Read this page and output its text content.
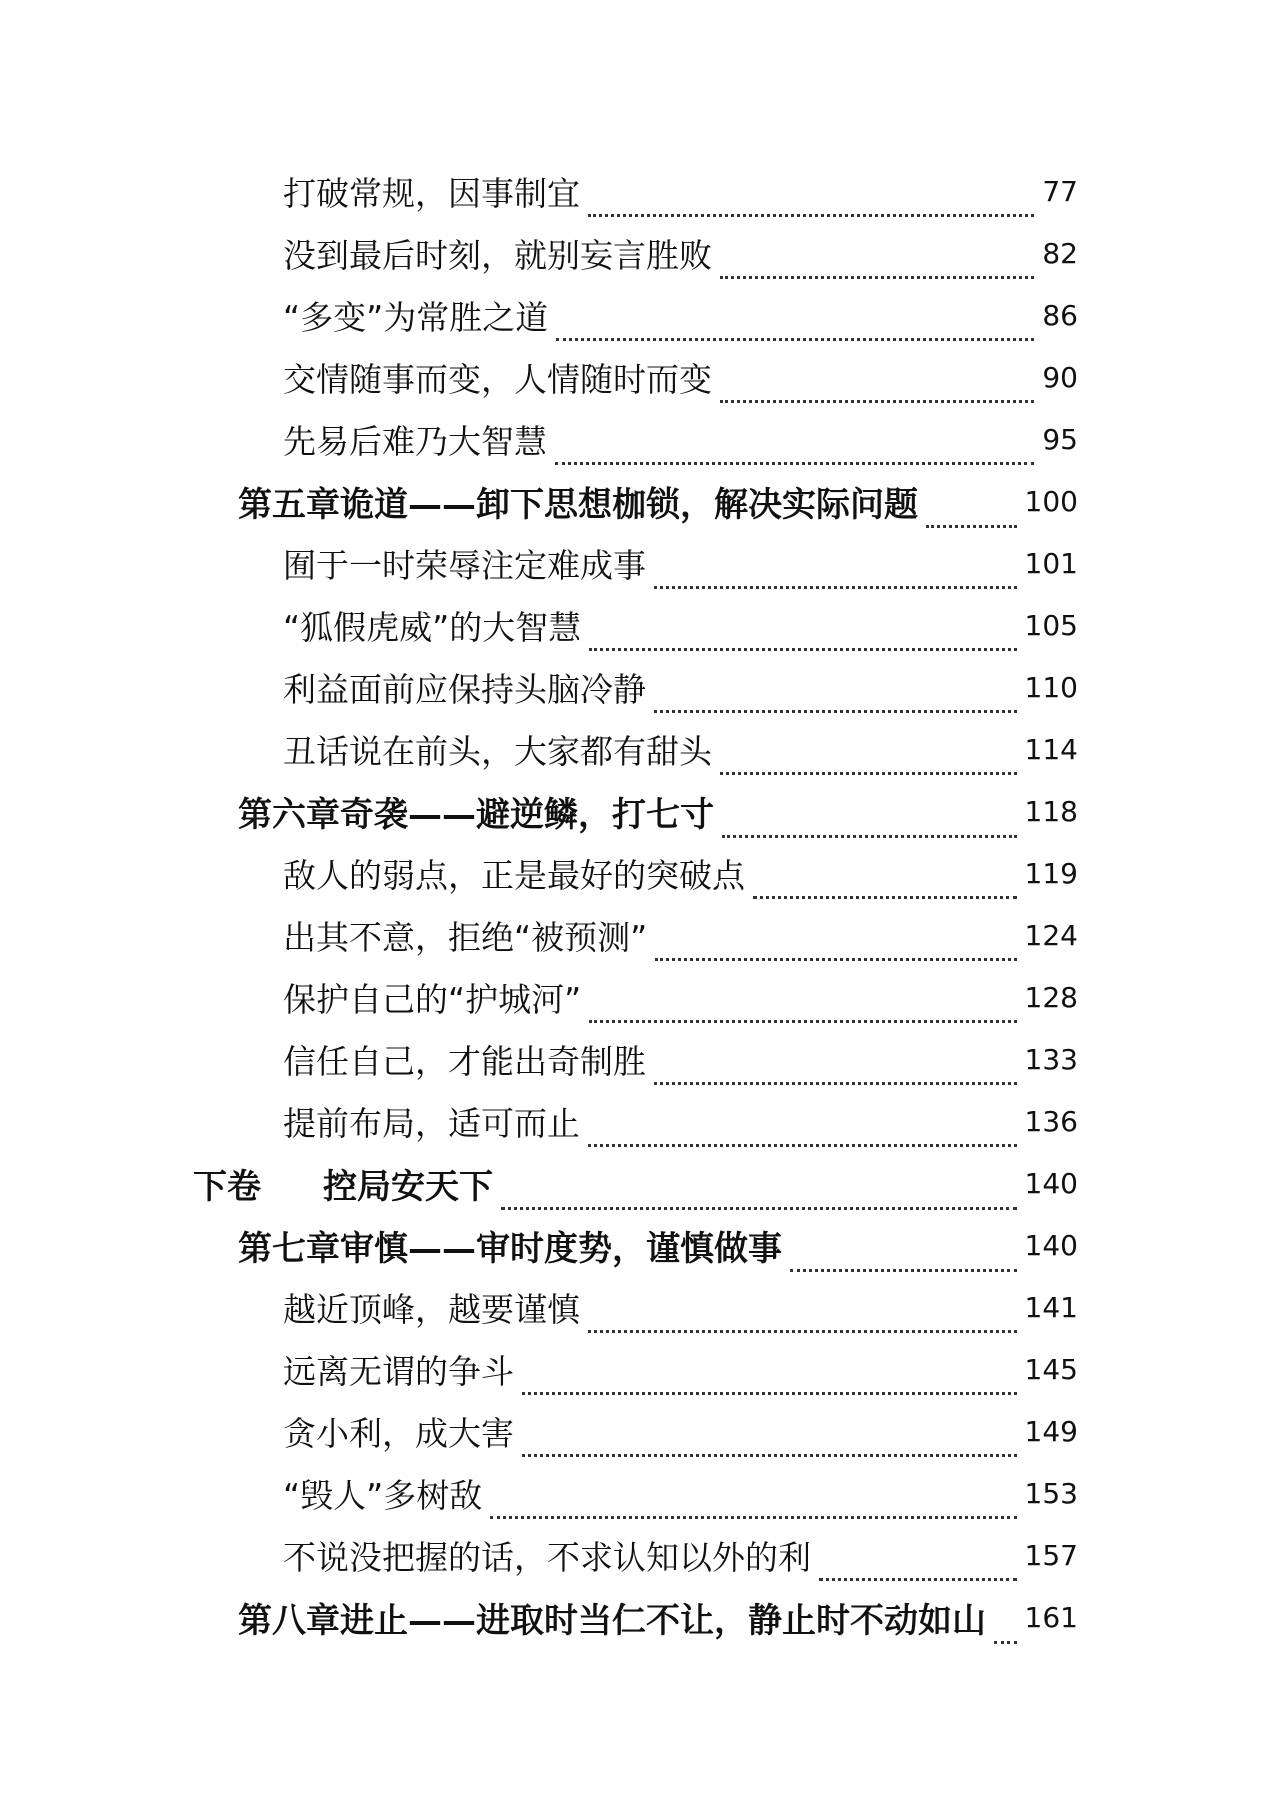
打破常规，因事制宜	77
没到最后时刻，就别妄言胜败	82
“多变”为常胜之道	86
交情随事而变，人情随时而变	90
先易后难乃大智慧	95
第五章诡道——卸下思想枷锁，解决实际问题	100
囿于一时荣辱注定难成事	101
“狐假虎威”的大智慧	105
利益面前应保持头脑冷静	110
丑话说在前头，大家都有甜头	114
第六章奇袭——避逆鳞，打七寸	118
敌人的弱点，正是最好的突破点	119
出其不意，拒绝“被预测”	124
保护自己的“护城河”	128
信任自己，才能出奇制胜	133
提前布局，适可而止	136
下卷 控局安天下	140
第七章审慎——审时度势，谨慎做事	140
越近顶峰，越要谨慎	141
远离无谓的争斗	145
贪小利，成大害	149
“毁人”多树敌	153
不说没把握的话，不求认知以外的利	157
第八章进止——进取时当仁不让，静止时不动如山 161
